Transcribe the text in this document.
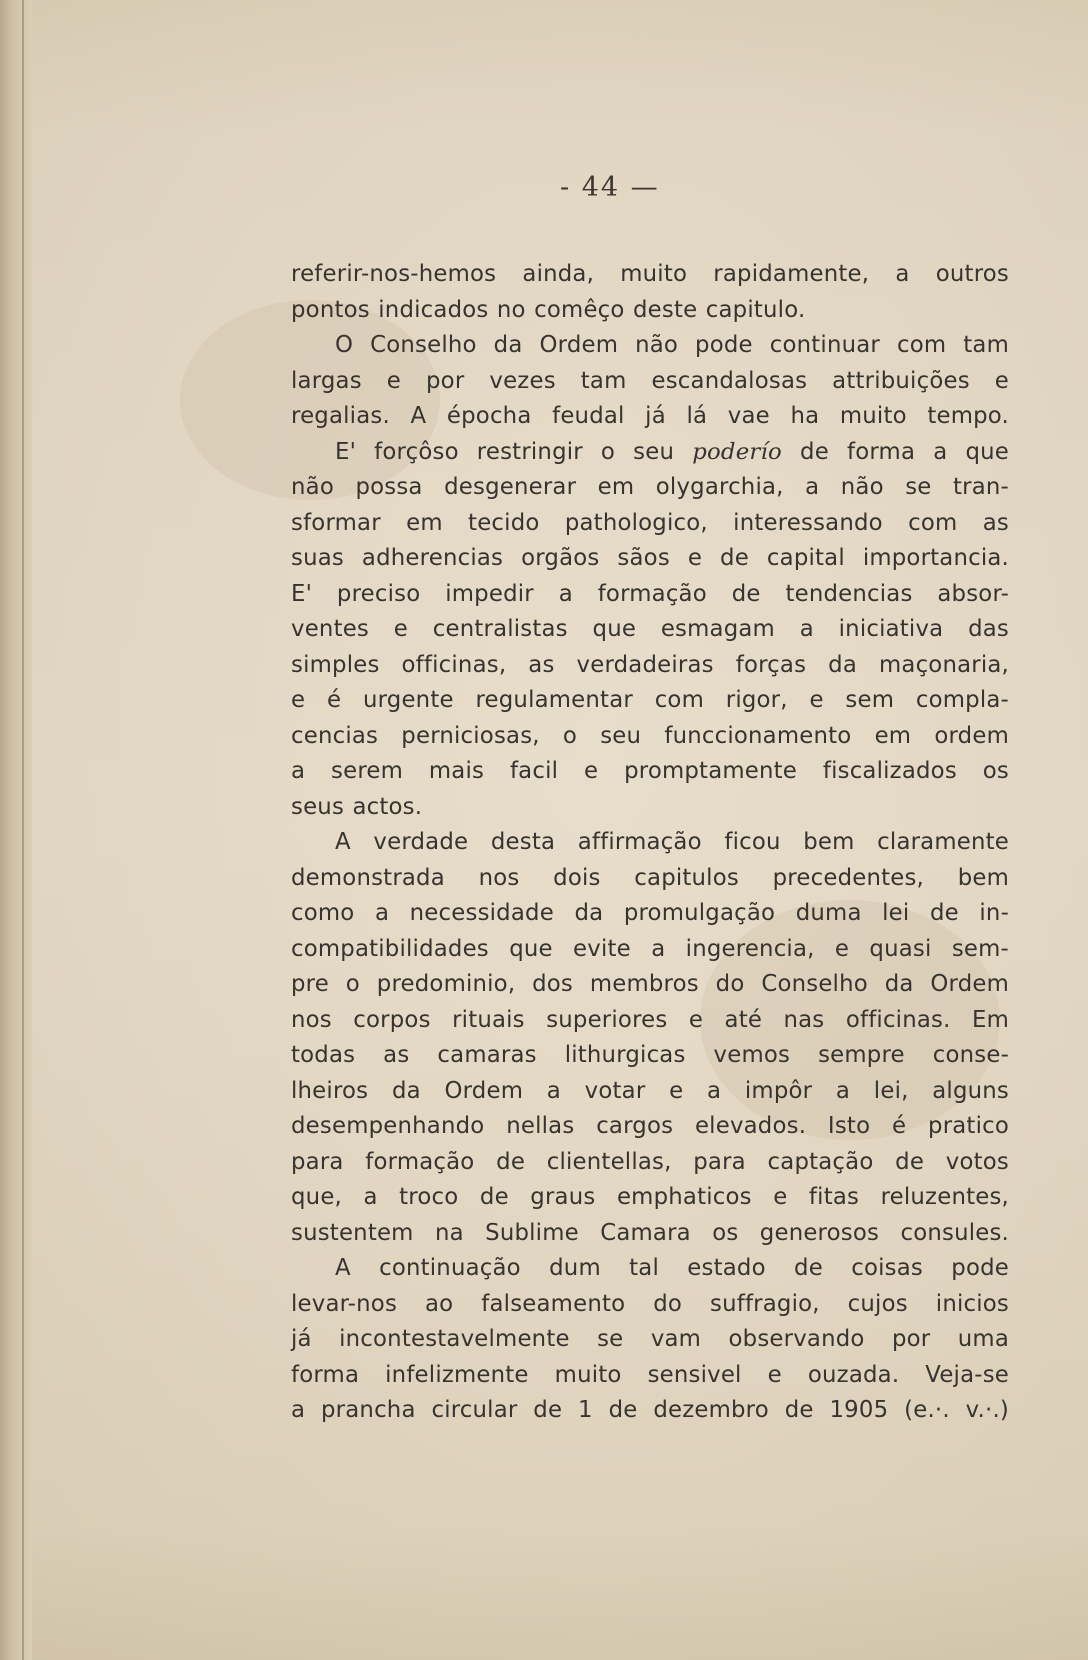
- 44 —
referir-nos-hemos ainda, muito rapidamente, a outros
pontos indicados no comêço deste capitulo.
O Conselho da Ordem não pode continuar com tam
largas e por vezes tam escandalosas attribuições e
regalias. A épocha feudal já lá vae ha muito tempo.
E' forçôso restringir o seu poderío de forma a que
não possa desgenerar em olygarchia, a não se tran-
sformar em tecido pathologico, interessando com as
suas adherencias orgãos sãos e de capital importancia.
E' preciso impedir a formação de tendencias absor-
ventes e centralistas que esmagam a iniciativa das
simples officinas, as verdadeiras forças da maçonaria,
e é urgente regulamentar com rigor, e sem compla-
cencias perniciosas, o seu funccionamento em ordem
a serem mais facil e promptamente fiscalizados os
seus actos.
A verdade desta affirmação ficou bem claramente
demonstrada nos dois capitulos precedentes, bem
como a necessidade da promulgação duma lei de in-
compatibilidades que evite a ingerencia, e quasi sem-
pre o predominio, dos membros do Conselho da Ordem
nos corpos rituais superiores e até nas officinas. Em
todas as camaras lithurgicas vemos sempre conse-
lheiros da Ordem a votar e a impôr a lei, alguns
desempenhando nellas cargos elevados. Isto é pratico
para formação de clientellas, para captação de votos
que, a troco de graus emphaticos e fitas reluzentes,
sustentem na Sublime Camara os generosos consules.
A continuação dum tal estado de coisas pode
levar-nos ao falseamento do suffragio, cujos inicios
já incontestavelmente se vam observando por uma
forma infelizmente muito sensivel e ouzada. Veja-se
a prancha circular de 1 de dezembro de 1905 (e.·. v.·.)
